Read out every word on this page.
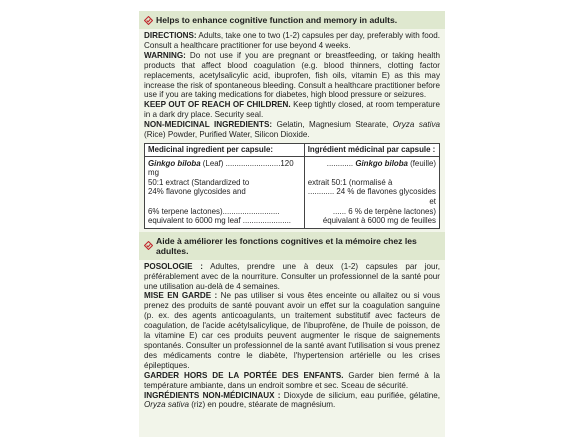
Helps to enhance cognitive function and memory in adults.

DIRECTIONS: Adults, take one to two (1-2) capsules per day, preferably with food. Consult a healthcare practitioner for use beyond 4 weeks.

WARNING: Do not use if you are pregnant or breastfeeding, or taking health products that affect blood coagulation (e.g. blood thinners, clotting factor replacements, acetylsalicylic acid, ibuprofen, fish oils, vitamin E) as this may increase the risk of spontaneous bleeding. Consult a healthcare practitioner before use if you are taking medications for diabetes, high blood pressure or seizures.

KEEP OUT OF REACH OF CHILDREN. Keep tightly closed, at room temperature in a dark dry place. Security seal.

NON-MEDICINAL INGREDIENTS: Gelatin, Magnesium Stearate, Oryza sativa (Rice) Powder, Purified Water, Silicon Dioxide.

Medicinal ingredient per capsule:	Ingrédient médicinal par capsule :
Ginkgo biloba (Leaf) .........................120 mg	............ Ginkgo biloba (feuille)
50:1 extract (Standardized to	extrait 50:1 (normalisé à
24% flavone glycosides and	............ 24 % de flavones glycosides et
6% terpene lactones)..........................	...... 6 % de terpène lactones)
equivalent to 6000 mg leaf ......................	équivalant à 6000 mg de feuilles
Aide à améliorer les fonctions cognitives et la mémoire chez les adultes.

POSOLOGIE : Adultes, prendre une à deux (1-2) capsules par jour, préférablement avec de la nourriture. Consulter un professionnel de la santé pour une utilisation au-delà de 4 semaines.

MISE EN GARDE : Ne pas utiliser si vous êtes enceinte ou allaitez ou si vous prenez des produits de santé pouvant avoir un effet sur la coagulation sanguine (p. ex. des agents anticoagulants, un traitement substitutif avec facteurs de coagulation, de l'acide acétylsalicylique, de l'ibuprofène, de l'huile de poisson, de la vitamine E) car ces produits peuvent augmenter le risque de saignements spontanés. Consulter un professionnel de la santé avant l'utilisation si vous prenez des médicaments contre le diabète, l'hypertension artérielle ou les crises épileptiques.

GARDER HORS DE LA PORTÉE DES ENFANTS. Garder bien fermé à la température ambiante, dans un endroit sombre et sec. Sceau de sécurité.

INGRÉDIENTS NON-MÉDICINAUX : Dioxyde de silicium, eau purifiée, gélatine, Oryza sativa (riz) en poudre, stéarate de magnésium.
